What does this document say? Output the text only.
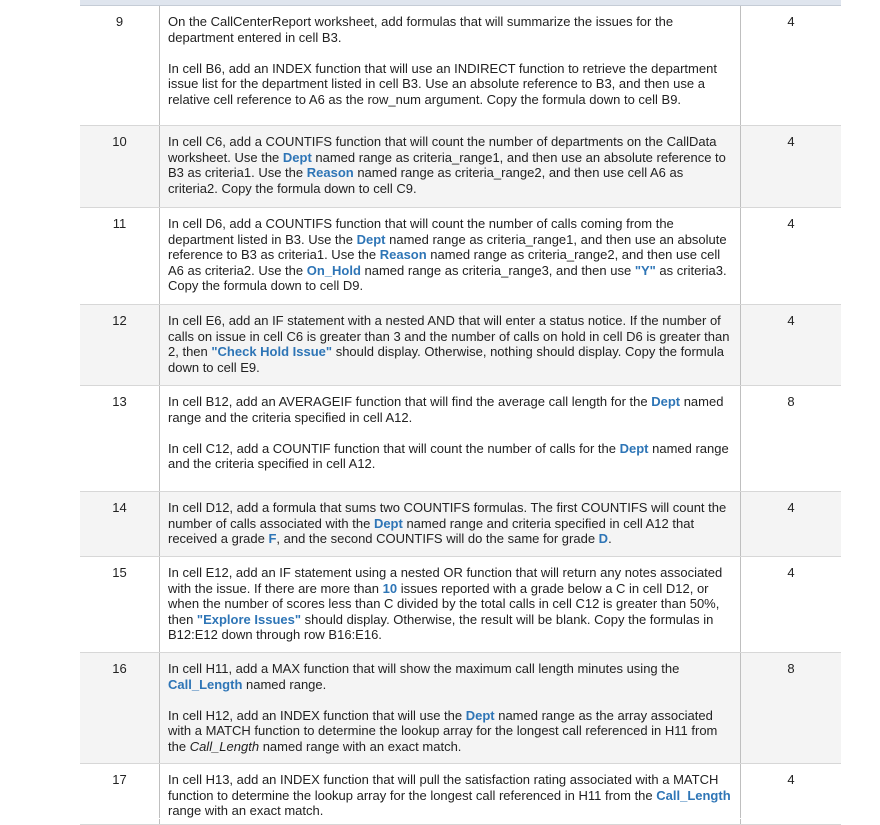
9	On the CallCenterReport worksheet, add formulas that will summarize the issues for the department entered in cell B3.

In cell B6, add an INDEX function that will use an INDIRECT function to retrieve the department issue list for the department listed in cell B3. Use an absolute reference to B3, and then use a relative cell reference to A6 as the row_num argument. Copy the formula down to cell B9.

4
10	In cell C6, add a COUNTIFS function that will count the number of departments on the CallData worksheet. Use the Dept named range as criteria_range1, and then use an absolute reference to B3 as criteria1. Use the Reason named range as criteria_range2, and then use cell A6 as criteria2. Copy the formula down to cell C9.

4
11	In cell D6, add a COUNTIFS function that will count the number of calls coming from the department listed in B3. Use the Dept named range as criteria_range1, and then use an absolute reference to B3 as criteria1. Use the Reason named range as criteria_range2, and then use cell A6 as criteria2. Use the On_Hold named range as criteria_range3, and then use "Y" as criteria3. Copy the formula down to cell D9.

4
12	In cell E6, add an IF statement with a nested AND that will enter a status notice. If the number of calls on issue in cell C6 is greater than 3 and the number of calls on hold in cell D6 is greater than 2, then "Check Hold Issue" should display. Otherwise, nothing should display. Copy the formula down to cell E9.

4
13	In cell B12, add an AVERAGEIF function that will find the average call length for the Dept named range and the criteria specified in cell A12.

In cell C12, add a COUNTIF function that will count the number of calls for the Dept named range and the criteria specified in cell A12.

8
14	In cell D12, add a formula that sums two COUNTIFS formulas. The first COUNTIFS will count the number of calls associated with the Dept named range and criteria specified in cell A12 that received a grade F, and the second COUNTIFS will do the same for grade D.

4
15	In cell E12, add an IF statement using a nested OR function that will return any notes associated with the issue. If there are more than 10 issues reported with a grade below a C in cell D12, or when the number of scores less than C divided by the total calls in cell C12 is greater than 50%, then "Explore Issues" should display. Otherwise, the result will be blank. Copy the formulas in B12:E12 down through row B16:E16.

4
16	In cell H11, add a MAX function that will show the maximum call length minutes using the Call_Length named range.

In cell H12, add an INDEX function that will use the Dept named range as the array associated with a MATCH function to determine the lookup array for the longest call referenced in H11 from the Call_Length named range with an exact match.

8
17	In cell H13, add an INDEX function that will pull the satisfaction rating associated with a MATCH function to determine the lookup array for the longest call referenced in H11 from the Call_Length range with an exact match.

4
